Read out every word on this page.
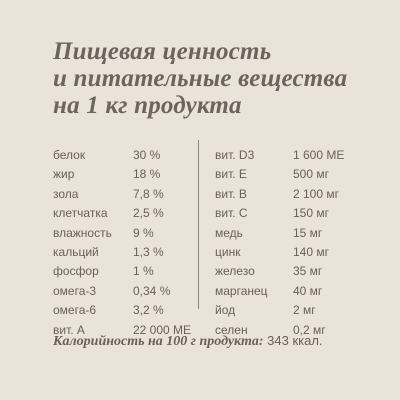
Пищевая ценность
и питательные вещества
на 1 кг продукта
белок	30 %
жир	18 %
зола	7,8 %
клетчатка	2,5 %
влажность	9 %
кальций	1,3 %
фосфор	1 %
омега-3	0,34 %
омега-6	3,2 %
вит. А	22 000 МЕ
вит. D3	1 600 МЕ
вит. Е	500 мг
вит. В	2 100 мг
вит. С	150 мг
медь	15 мг
цинк	140 мг
железо	35 мг
марганец	40 мг
йод	2 мг
селен	0,2 мг

Калорийность на 100 г продукта: 343 ккал.
